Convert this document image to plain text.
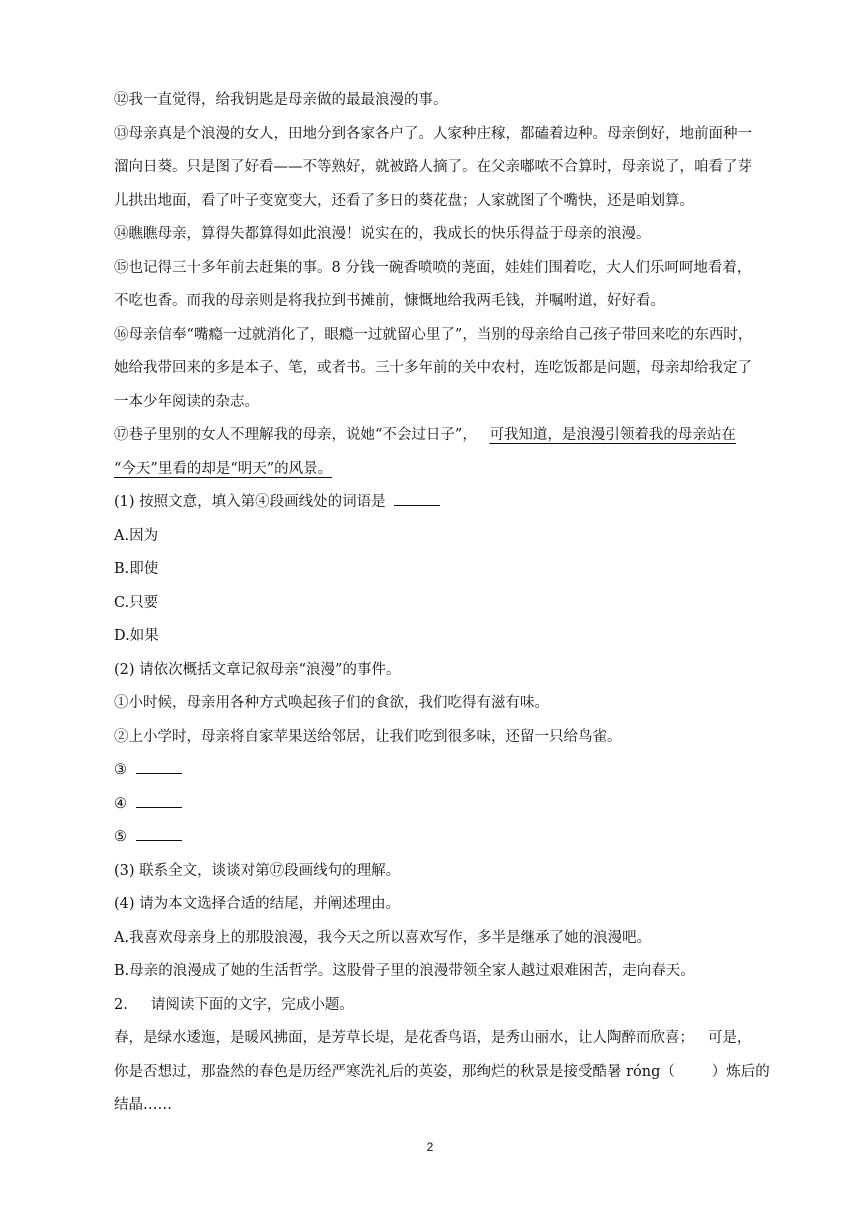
⑫我一直觉得，给我钥匙是母亲做的最最浪漫的事。
⑬母亲真是个浪漫的女人，田地分到各家各户了。人家种庄稼，都磕着边种。母亲倒好，地前面种一
溜向日葵。只是图了好看——不等熟好，就被路人摘了。在父亲嘟哝不合算时，母亲说了，咱看了芽
儿拱出地面，看了叶子变宽变大，还看了多日的葵花盘；人家就图了个嘴快，还是咱划算。
⑭瞧瞧母亲，算得失都算得如此浪漫！说实在的，我成长的快乐得益于母亲的浪漫。
⑮也记得三十多年前去赶集的事。8 分钱一碗香喷喷的荛面，娃娃们围着吃，大人们乐呵呵地看着，
不吃也香。而我的母亲则是将我拉到书摊前，慷慨地给我两毛钱，并嘱咐道，好好看。
⑯母亲信奉“嘴瘾一过就消化了，眼瘾一过就留心里了”，当别的母亲给自己孩子带回来吃的东西时，
她给我带回来的多是本子、笔，或者书。三十多年前的关中农村，连吃饭都是问题，母亲却给我定了
一本少年阅读的杂志。
⑰巷子里别的女人不理解我的母亲，说她“不会过日子”， 可我知道，是浪漫引领着我的母亲站在
“今天”里看的却是“明天”的风景。
(1) 按照文意，填入第④段画线处的词语是
A.因为
B.即使
C.只要
D.如果
(2) 请依次概括文章记叙母亲“浪漫”的事件。
①小时候，母亲用各种方式唤起孩子们的食欲，我们吃得有滋有味。
②上小学时，母亲将自家苹果送给邻居，让我们吃到很多味，还留一只给鸟雀。
③
④
⑤
(3) 联系全文，谈谈对第⑰段画线句的理解。
(4) 请为本文选择合适的结尾，并阐述理由。
A.我喜欢母亲身上的那股浪漫，我今天之所以喜欢写作，多半是继承了她的浪漫吧。
B.母亲的浪漫成了她的生活哲学。这股骨子里的浪漫带领全家人越过艰难困苦，走向春天。
2.     请阅读下面的文字，完成小题。
春，是绿水逶迤，是暖风拂面，是芳草长堤，是花香鸟语，是秀山丽水，让人陶醉而欣喜；   可是，
你是否想过，那盎然的春色是历经严寒洗礼后的英姿，那绚烂的秋景是接受酷暑 róng（        ）炼后的
结晶……
2
